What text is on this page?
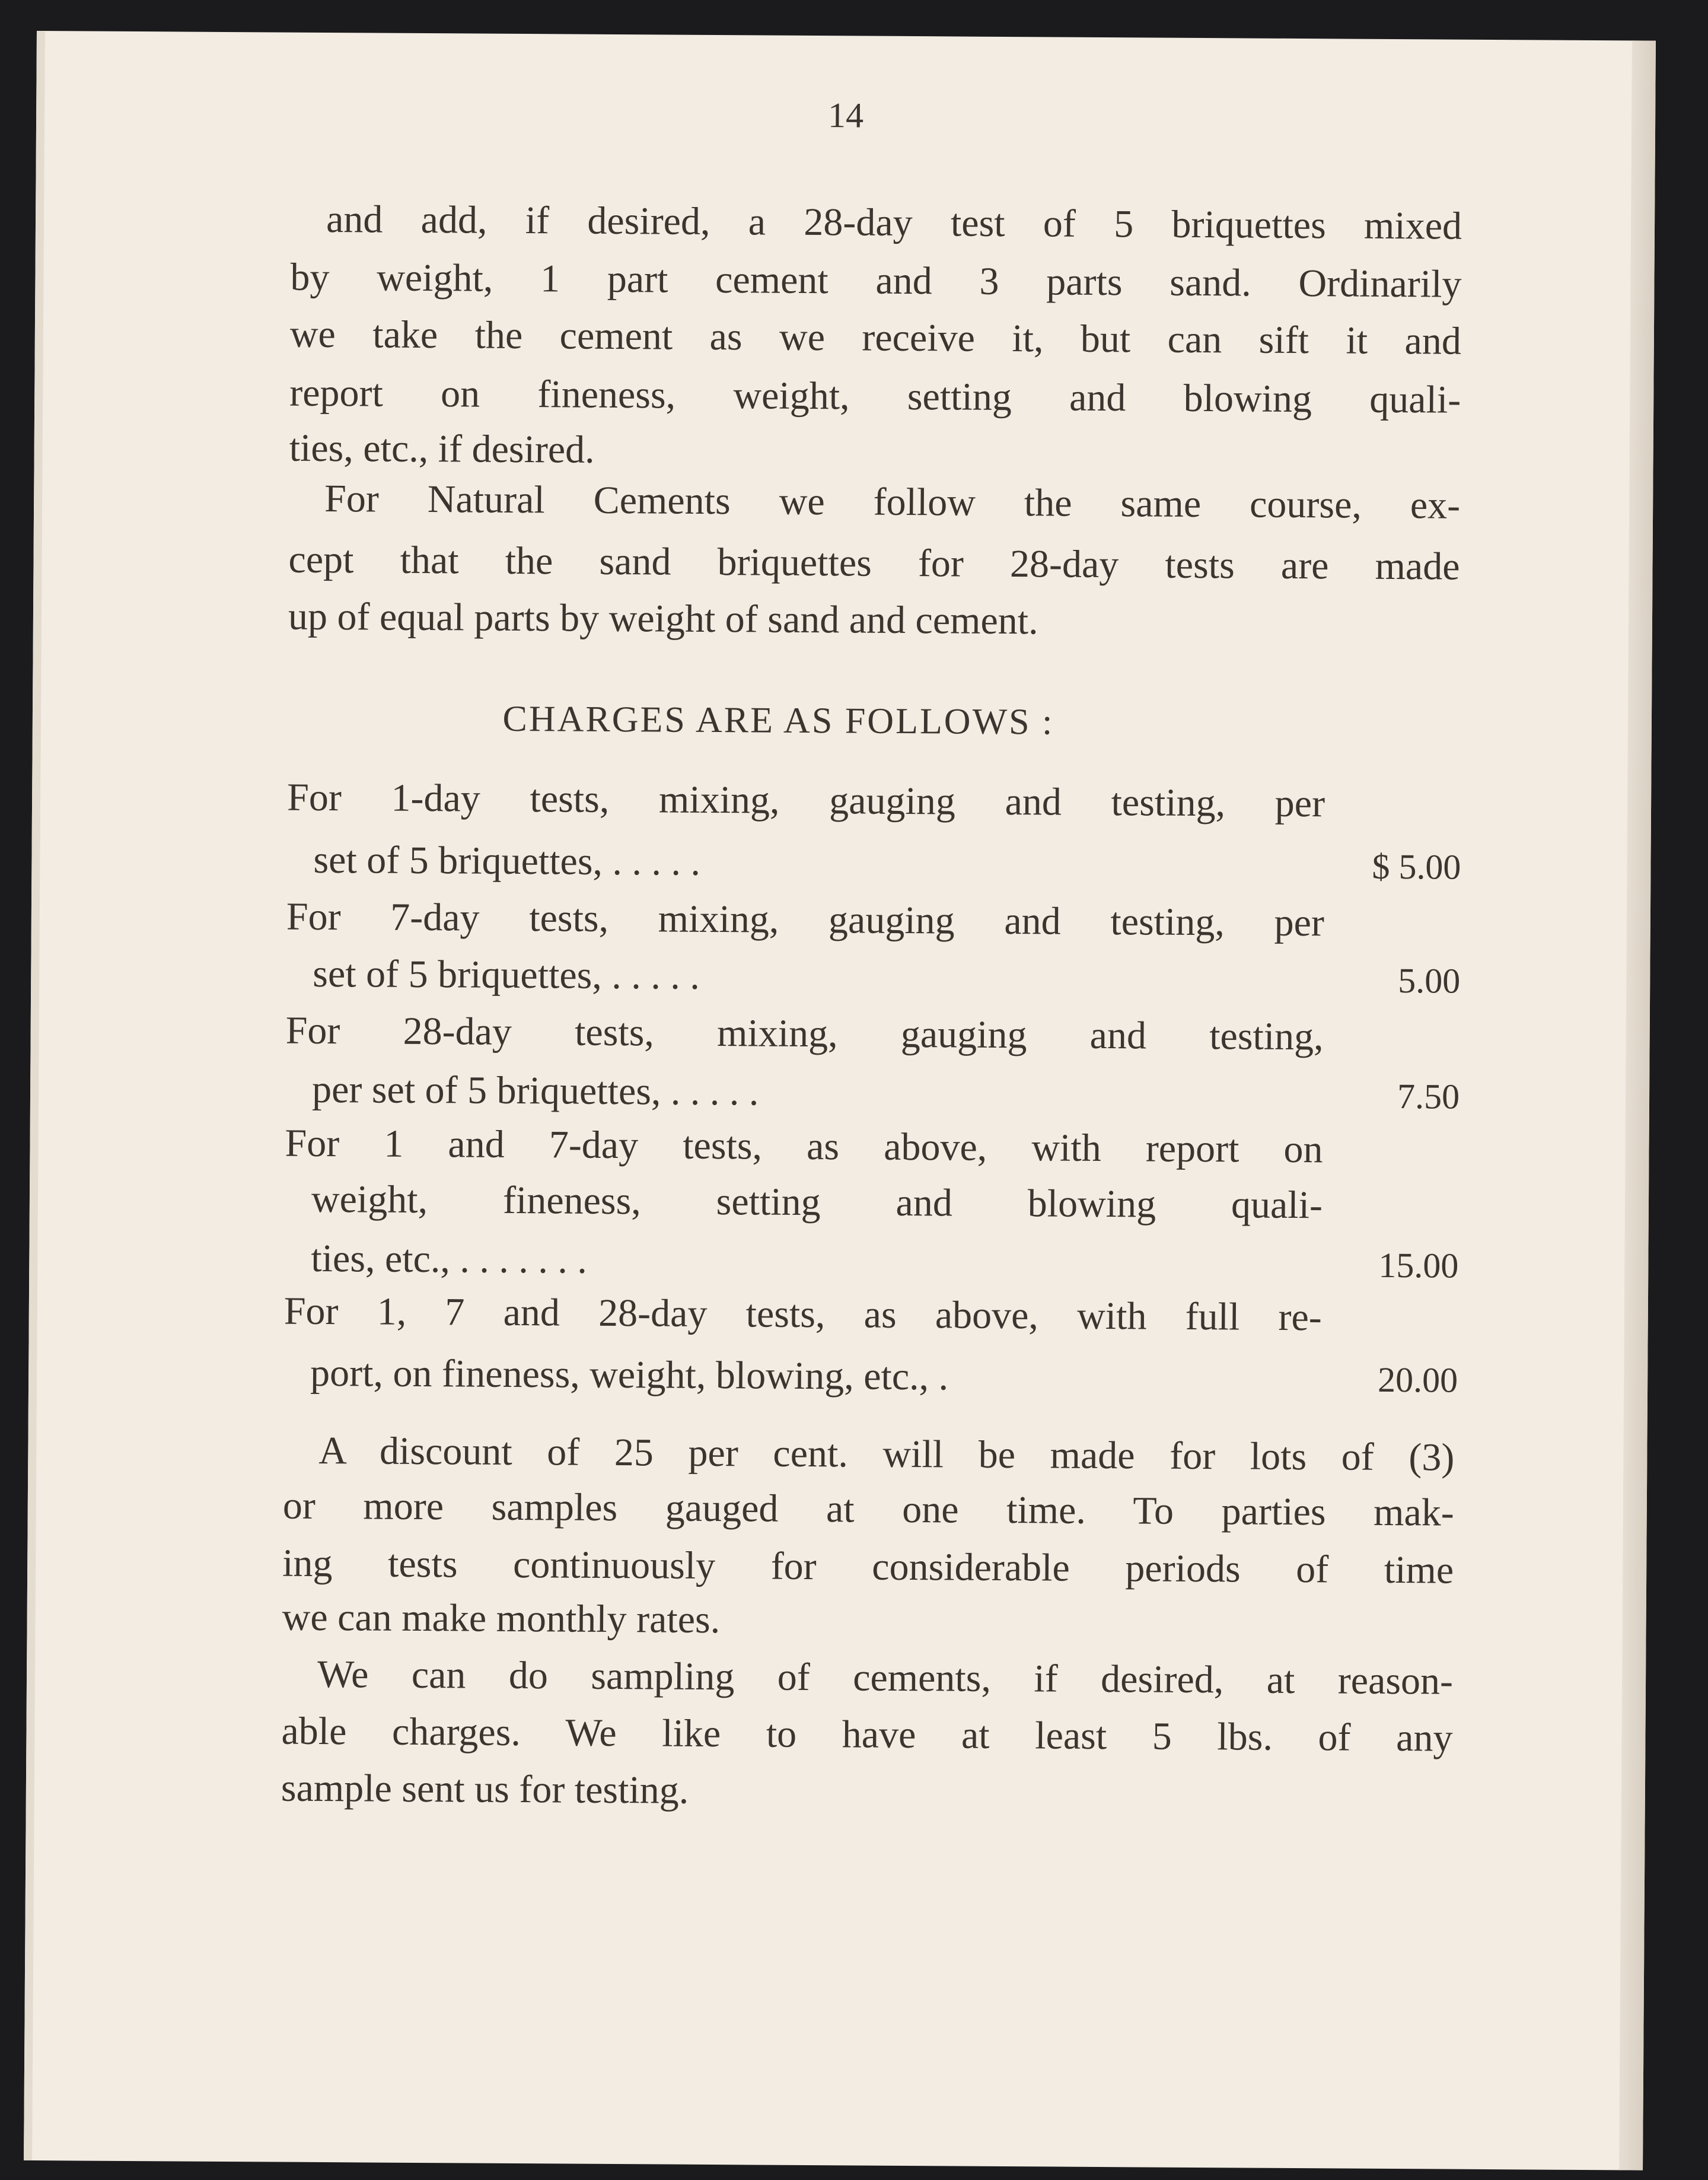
14
and add, if desired, a 28-day test of 5 briquettes mixed
by weight, 1 part cement and 3 parts sand. Ordinarily
we take the cement as we receive it, but can sift it and
report on fineness, weight, setting and blowing quali-
ties, etc., if desired.
For Natural Cements we follow the same course, ex-
cept that the sand briquettes for 28-day tests are made
up of equal parts by weight of sand and cement.
CHARGES ARE AS FOLLOWS :
For 1-day tests, mixing, gauging and testing, per
set of 5 briquettes, . . . . .	$ 5.00
For 7-day tests, mixing, gauging and testing, per
set of 5 briquettes, . . . . .	5.00
For 28-day tests, mixing, gauging and testing,
per set of 5 briquettes, . . . . .	7.50
For 1 and 7-day tests, as above, with report on
weight, fineness, setting and blowing quali-
ties, etc., . . . . . . .	15.00
For 1, 7 and 28-day tests, as above, with full re-
port, on fineness, weight, blowing, etc., .	20.00
A discount of 25 per cent. will be made for lots of (3)
or more samples gauged at one time. To parties mak-
ing tests continuously for considerable periods of time
we can make monthly rates.
We can do sampling of cements, if desired, at reason-
able charges. We like to have at least 5 lbs. of any
sample sent us for testing.
